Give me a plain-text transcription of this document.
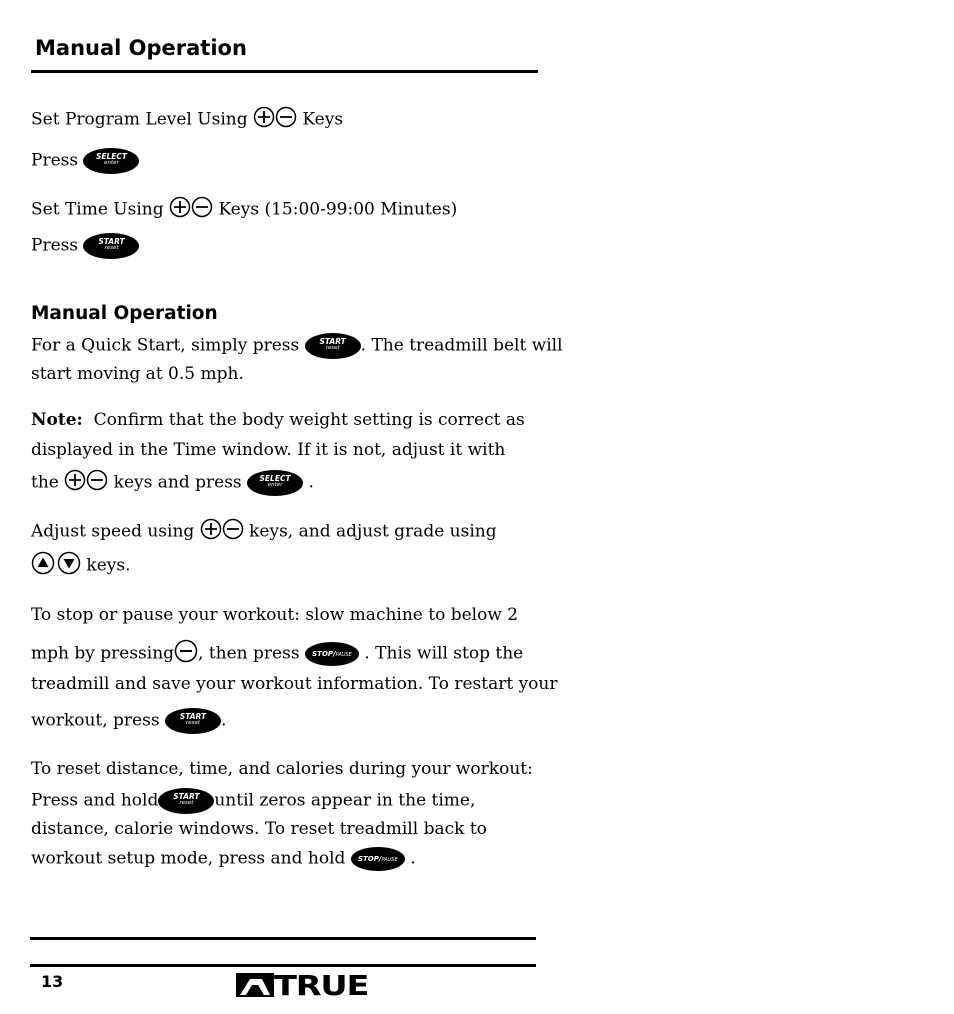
Manual Operation
Set Program Level Using	Keys
Press	SELECT
enter
Set Time Using	Keys (15:00-99:00 Minutes)
Press	START
reset
Manual Operation
For a Quick Start, simply press	START
reset	. The treadmill belt will
start moving at 0.5 mph.
Note: Confirm that the body weight setting is correct as
displayed in the Time window. If it is not, adjust it with
the	keys and press	SELECT
enter	.
Adjust speed using	keys, and adjust grade using
keys.
To stop or pause your workout: slow machine to below 2
mph by pressing , then press	STOP/PAUSE . This will stop the
treadmill and save your workout information. To restart your
workout, press	START
reset	.
To reset distance, time, and calories during your workout:
Press and hold	START
reset	until zeros appear in the time,
distance, calorie windows. To reset treadmill back to
workout setup mode, press and hold	STOP/PAUSE .
13	TRUE
